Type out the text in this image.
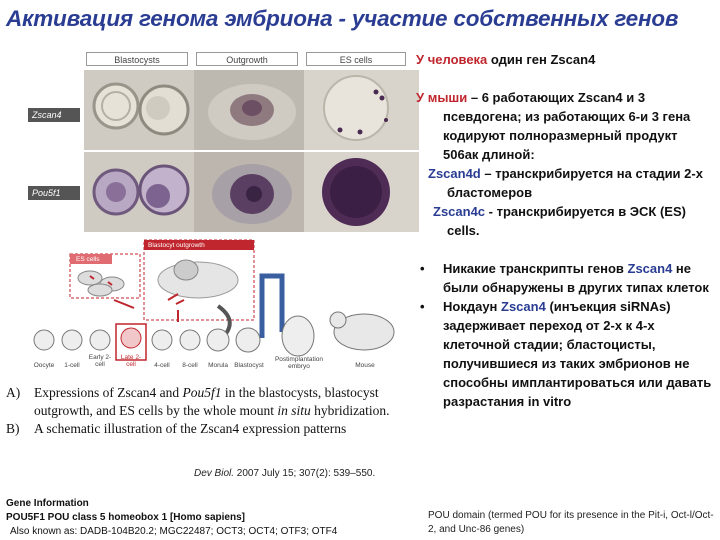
Активация генома эмбриона - участие собственных генов
Blastocysts	Outgrowth	ES cells
Zscan4
Pou5f1
ES cells
Blastocyt outgrowth
Oocyte	1-cell
Early 2-cell
Late 2-cell	4-cell	8-cell	Morula Blastocyst
Postimplantation embryo	Mouse
A) Expressions of Zscan4 and Pou5f1 in the blastocysts, blastocyst outgrowth, and ES cells by the whole mount in situ hybridization.
B) A schematic illustration of the Zscan4 expression patterns
Dev Biol. 2007 July 15; 307(2): 539–550.
Gene Information
POU5F1 POU class 5 homeobox 1 [Homo sapiens]
Also known as: DADB-104B20.2; MGC22487; OCT3; OCT4; OTF3; OTF4

У человека один ген Zscan4

У мыши – 6 работающих Zscan4 и 3 псевдогена; из работающих 6-и 3 гена кодируют полноразмерный продукт 506ак длиной:

Zscan4d – транскрибируется на стадии 2-х бластомеров

Zscan4c - транскрибируется в ЭСК (ES) cells.

• Никакие транскрипты генов Zscan4 не были обнаружены в других типах клеток

• Нокдаун Zscan4 (инъекция siRNAs) задерживает переход от 2-х к 4-х клеточной стадии; бластоцисты, получившиеся из таких эмбрионов не способны имплантироваться или давать разрастания in vitro

POU domain (termed POU for its presence in the Pit-i, Oct-l/Oct-2, and Unc-86 genes)
